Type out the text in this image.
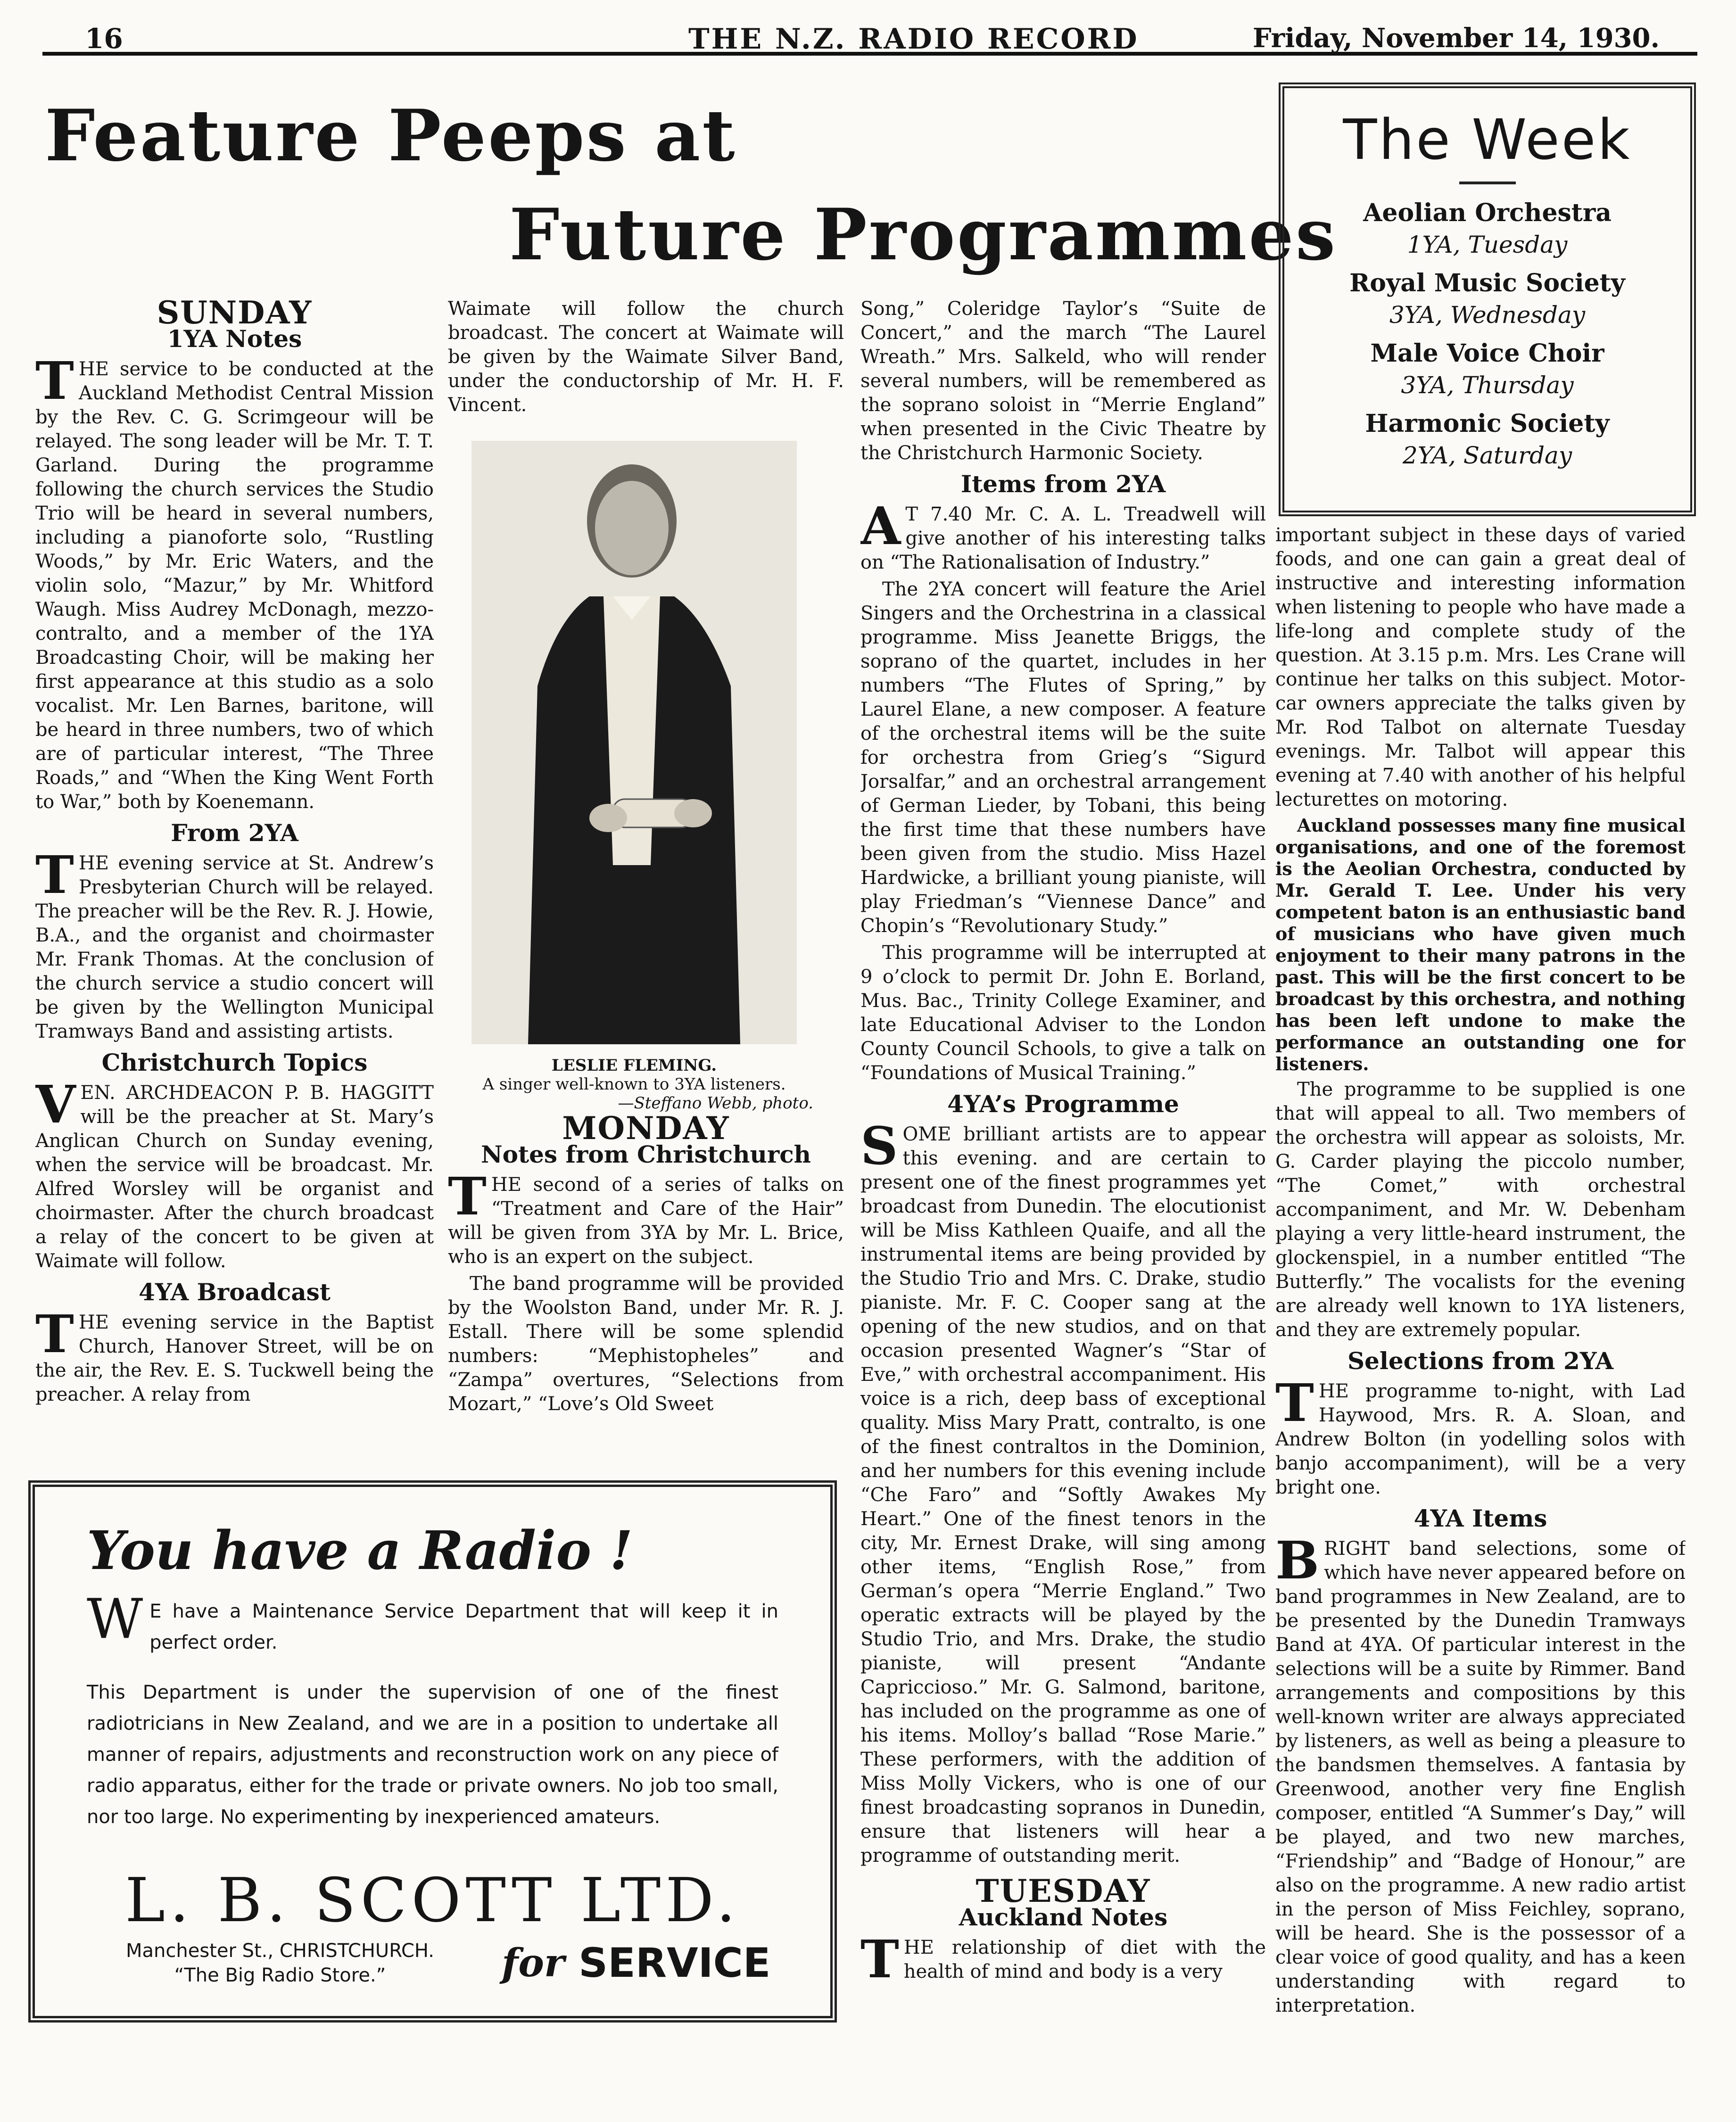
16	THE N.Z. RADIO RECORD	Friday, November 14, 1930.
Feature Peeps at
Future Programmes
The Week
Aeolian Orchestra
1YA, Tuesday
Royal Music Society
3YA, Wednesday
Male Voice Choir
3YA, Thursday
Harmonic Society
2YA, Saturday
SUNDAY
1YA Notes

THE service to be conducted at the Auckland Methodist Central Mission by the Rev. C. G. Scrimgeour will be relayed. The song leader will be Mr. T. T. Garland. During the programme following the church services the Studio Trio will be heard in several numbers, including a pianoforte solo, “Rustling Woods,” by Mr. Eric Waters, and the violin solo, “Mazur,” by Mr. Whitford Waugh. Miss Audrey McDonagh, mezzo-contralto, and a member of the 1YA Broadcasting Choir, will be making her first appearance at this studio as a solo vocalist. Mr. Len Barnes, baritone, will be heard in three numbers, two of which are of particular interest, “The Three Roads,” and “When the King Went Forth to War,” both by Koenemann.

From 2YA

THE evening service at St. Andrew’s Presbyterian Church will be relayed. The preacher will be the Rev. R. J. Howie, B.A., and the organist and choirmaster Mr. Frank Thomas. At the conclusion of the church service a studio concert will be given by the Wellington Municipal Tramways Band and assisting artists.

Christchurch Topics

VEN. ARCHDEACON P. B. HAGGITT will be the preacher at St. Mary’s Anglican Church on Sunday evening, when the service will be broadcast. Mr. Alfred Worsley will be organist and choirmaster. After the church broadcast a relay of the concert to be given at Waimate will follow.

4YA Broadcast

THE evening service in the Baptist Church, Hanover Street, will be on the air, the Rev. E. S. Tuckwell being the preacher. A relay from

Waimate will follow the church broadcast. The concert at Waimate will be given by the Waimate Silver Band, under the conductorship of Mr. H. F. Vincent.

LESLIE FLEMING.
A singer well-known to 3YA listeners.
—Steffano Webb, photo.
MONDAY
Notes from Christchurch

THE second of a series of talks on “Treatment and Care of the Hair” will be given from 3YA by Mr. L. Brice, who is an expert on the subject.

The band programme will be provided by the Woolston Band, under Mr. R. J. Estall. There will be some splendid numbers: “Mephistopheles” and “Zampa” overtures, “Selections from Mozart,” “Love’s Old Sweet

Song,” Coleridge Taylor’s “Suite de Concert,” and the march “The Laurel Wreath.” Mrs. Salkeld, who will render several numbers, will be remembered as the soprano soloist in “Merrie England” when presented in the Civic Theatre by the Christchurch Harmonic Society.

Items from 2YA

A T 7.40 Mr. C. A. L. Treadwell will give another of his interesting talks on “The Rationalisation of Industry.”

The 2YA concert will feature the Ariel Singers and the Orchestrina in a classical programme. Miss Jeanette Briggs, the soprano of the quartet, includes in her numbers “The Flutes of Spring,” by Laurel Elane, a new composer. A feature of the orchestral items will be the suite for orchestra from Grieg’s “Sigurd Jorsalfar,” and an orchestral arrangement of German Lieder, by Tobani, this being the first time that these numbers have been given from the studio. Miss Hazel Hardwicke, a brilliant young pianiste, will play Friedman’s “Viennese Dance” and Chopin’s “Revolutionary Study.”

This programme will be interrupted at 9 o’clock to permit Dr. John E. Borland, Mus. Bac., Trinity College Examiner, and late Educational Adviser to the London County Council Schools, to give a talk on “Foundations of Musical Training.”

4YA’s Programme

SOME brilliant artists are to appear this evening. and are certain to present one of the finest programmes yet broadcast from Dunedin. The elocutionist will be Miss Kathleen Quaife, and all the instrumental items are being provided by the Studio Trio and Mrs. C. Drake, studio pianiste. Mr. F. C. Cooper sang at the opening of the new studios, and on that occasion presented Wagner’s “Star of Eve,” with orchestral accompaniment. His voice is a rich, deep bass of exceptional quality. Miss Mary Pratt, contralto, is one of the finest contraltos in the Dominion, and her numbers for this evening include “Che Faro” and “Softly Awakes My Heart.” One of the finest tenors in the city, Mr. Ernest Drake, will sing among other items, “English Rose,” from German’s opera “Merrie England.” Two operatic extracts will be played by the Studio Trio, and Mrs. Drake, the studio pianiste, will present “Andante Capriccioso.” Mr. G. Salmond, baritone, has included on the programme as one of his items. Molloy’s ballad “Rose Marie.” These performers, with the addition of Miss Molly Vickers, who is one of our finest broadcasting sopranos in Dunedin, ensure that listeners will hear a programme of outstanding merit.

TUESDAY
Auckland Notes

THE relationship of diet with the health of mind and body is a very

important subject in these days of varied foods, and one can gain a great deal of instructive and interesting information when listening to people who have made a life-long and complete study of the question. At 3.15 p.m. Mrs. Les Crane will continue her talks on this subject. Motor-car owners appreciate the talks given by Mr. Rod Talbot on alternate Tuesday evenings. Mr. Talbot will appear this evening at 7.40 with another of his helpful lecturettes on motoring.

Auckland possesses many fine musical organisations, and one of the foremost is the Aeolian Orchestra, conducted by Mr. Gerald T. Lee. Under his very competent baton is an enthusiastic band of musicians who have given much enjoyment to their many patrons in the past. This will be the first concert to be broadcast by this orchestra, and nothing has been left undone to make the performance an outstanding one for listeners.

The programme to be supplied is one that will appeal to all. Two members of the orchestra will appear as soloists, Mr. G. Carder playing the piccolo number, “The Comet,” with orchestral accompaniment, and Mr. W. Debenham playing a very little-heard instrument, the glockenspiel, in a number entitled “The Butterfly.” The vocalists for the evening are already well known to 1YA listeners, and they are extremely popular.

Selections from 2YA

THE programme to-night, with Lad Haywood, Mrs. R. A. Sloan, and Andrew Bolton (in yodelling solos with banjo accompaniment), will be a very bright one.

4YA Items

BRIGHT band selections, some of which have never appeared before on band programmes in New Zealand, are to be presented by the Dunedin Tramways Band at 4YA. Of particular interest in the selections will be a suite by Rimmer. Band arrangements and compositions by this well-known writer are always appreciated by listeners, as well as being a pleasure to the bandsmen themselves. A fantasia by Greenwood, another very fine English composer, entitled “A Summer’s Day,” will be played, and two new marches, “Friendship” and “Badge of Honour,” are also on the programme. A new radio artist in the person of Miss Feichley, soprano, will be heard. She is the possessor of a clear voice of good quality, and has a keen understanding with regard to interpretation.

You have a Radio !
W E have a Maintenance Service Department that will keep it in perfect order.
This Department is under the supervision of one of the finest radiotricians in New Zealand, and we are in a position to undertake all manner of repairs, adjustments and reconstruction work on any piece of radio apparatus, either for the trade or private owners. No job too small, nor too large. No experimenting by inexperienced amateurs.
L. B. SCOTT LTD.
Manchester St., CHRISTCHURCH.
“The Big Radio Store.”	for SERVICE
